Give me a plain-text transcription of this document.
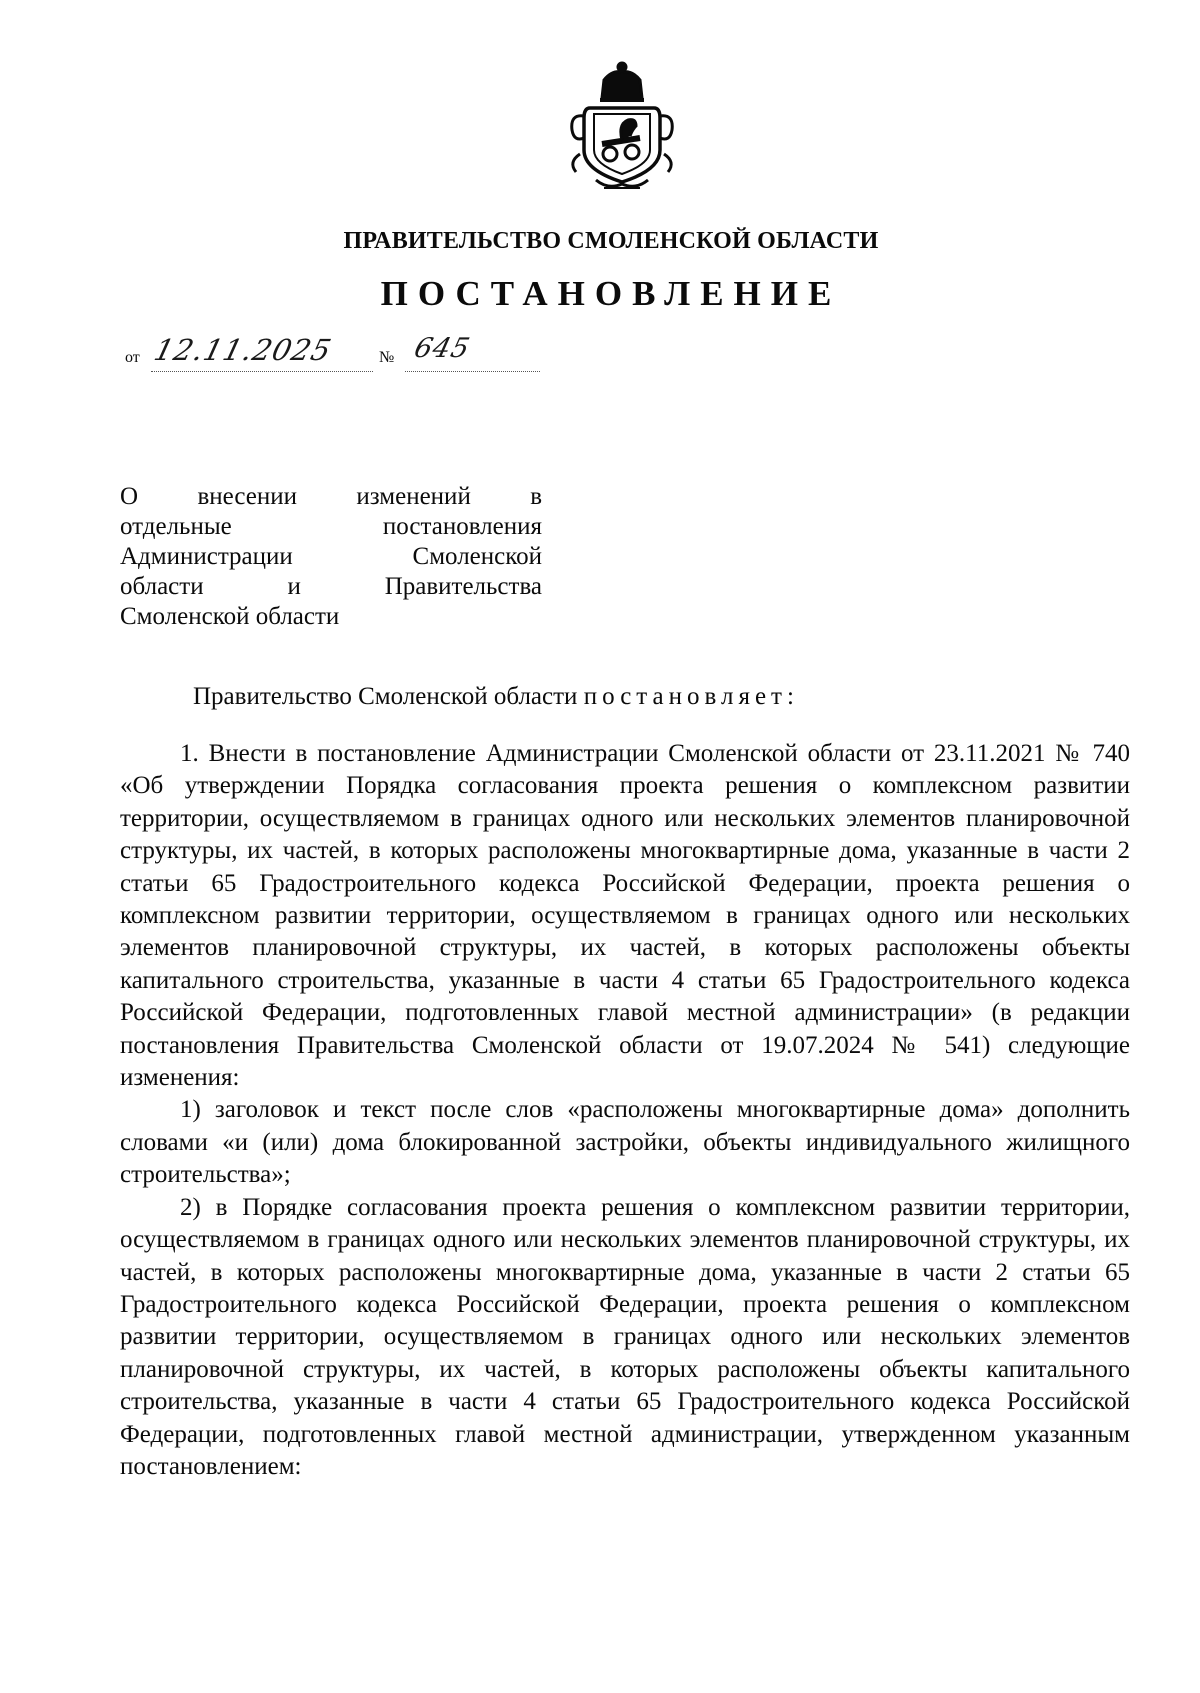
ПРАВИТЕЛЬСТВО СМОЛЕНСКОЙ ОБЛАСТИ
ПОСТАНОВЛЕНИЕ
от 12.11.2025	№ 645
О внесении изменений в
отдельные	постановления
Администрации	Смоленской
области	и	Правительства
Смоленской области
Правительство Смоленской области постановляет:

1. Внести в постановление Администрации Смоленской области от 23.11.2021 № 740 «Об утверждении Порядка согласования проекта решения о комплексном развитии территории, осуществляемом в границах одного или нескольких элементов планировочной структуры, их частей, в которых расположены многоквартирные дома, указанные в части 2 статьи 65 Градостроительного кодекса Российской Федерации, проекта решения о комплексном развитии территории, осуществляемом в границах одного или нескольких элементов планировочной структуры, их частей, в которых расположены объекты капитального строительства, указанные в части 4 статьи 65 Градостроительного кодекса Российской Федерации, подготовленных главой местной администрации» (в редакции постановления Правительства Смоленской области от 19.07.2024 № 541) следующие изменения:

1) заголовок и текст после слов «расположены многоквартирные дома» дополнить словами «и (или) дома блокированной застройки, объекты индивидуального жилищного строительства»;

2) в Порядке согласования проекта решения о комплексном развитии территории, осуществляемом в границах одного или нескольких элементов планировочной структуры, их частей, в которых расположены многоквартирные дома, указанные в части 2 статьи 65 Градостроительного кодекса Российской Федерации, проекта решения о комплексном развитии территории, осуществляемом в границах одного или нескольких элементов планировочной структуры, их частей, в которых расположены объекты капитального строительства, указанные в части 4 статьи 65 Градостроительного кодекса Российской Федерации, подготовленных главой местной администрации, утвержденном указанным постановлением:
